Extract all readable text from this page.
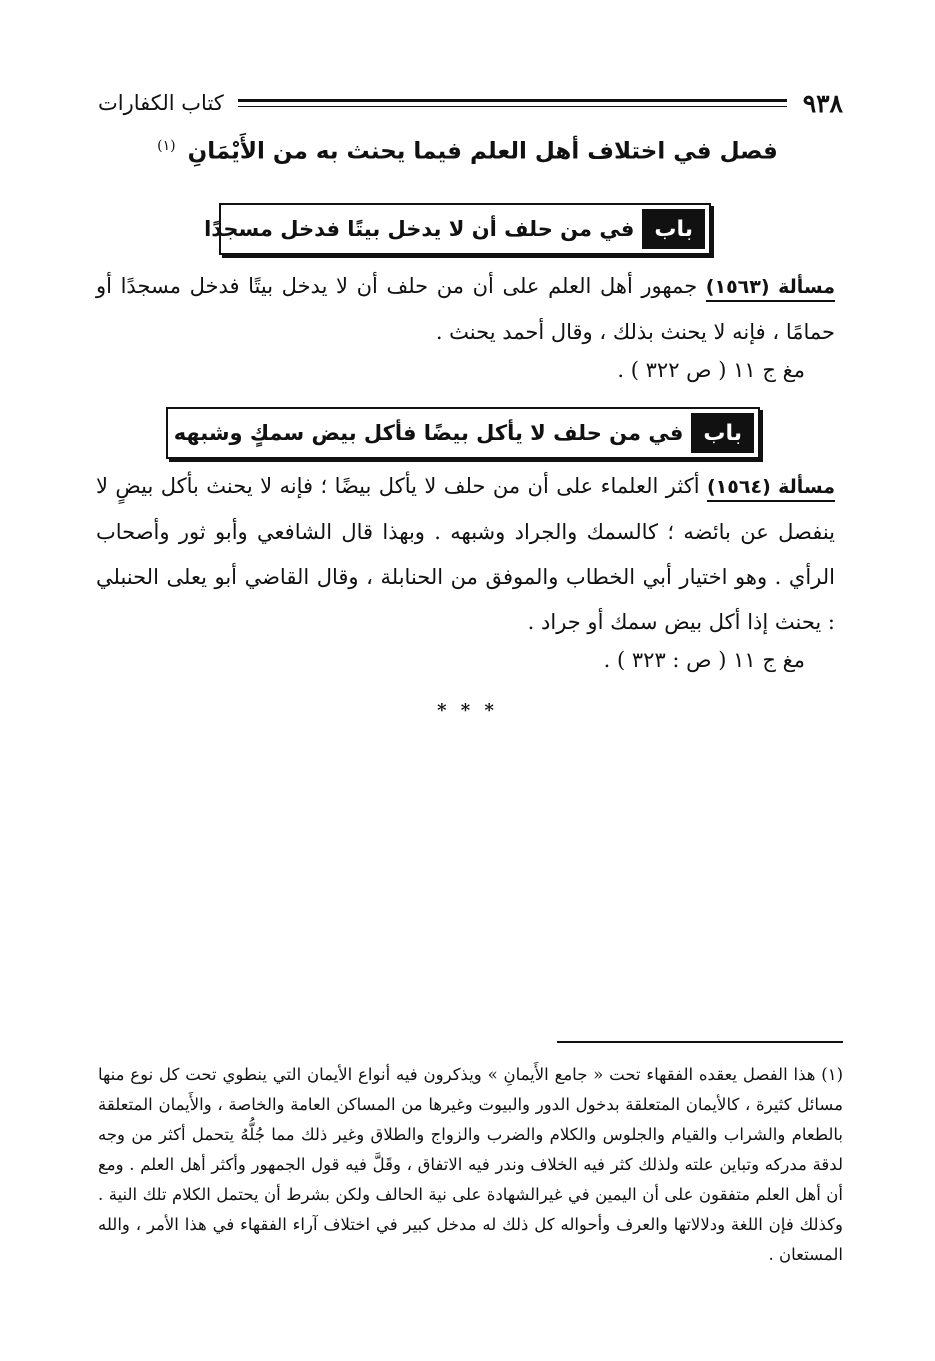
٩٣٨
كتاب الكفارات
فصل في اختلاف أهل العلم فيما يحنث به من الأَيْمَانِ $^{(١)}$
باب
في من حلف أن لا يدخل بيتًا فدخل مسجدًا
مسألة (١٥٦٣) جمهور أهل العلم على أن من حلف أن لا يدخل بيتًا فدخل مسجدًا أو حمامًا ، فإنه لا يحنث بذلك ، وقال أحمد يحنث .
مغ ج ١١ ( ص ٣٢٢ ) .
باب
في من حلف لا يأكل بيضًا فأكل بيض سمكٍ وشبهه
مسألة (١٥٦٤) أكثر العلماء على أن من حلف لا يأكل بيضًا ؛ فإنه لا يحنث بأكل بيضٍ لا ينفصل عن بائضه ؛ كالسمك والجراد وشبهه . وبهذا قال الشافعي وأبو ثور وأصحاب الرأي . وهو اختيار أبي الخطاب والموفق من الحنابلة ، وقال القاضي أبو يعلى الحنبلي : يحنث إذا أكل بيض سمك أو جراد .
مغ ج ١١ ( ص : ٣٢٣ ) .
* * *
(١) هذا الفصل يعقده الفقهاء تحت « جامع الأَيمانِ » ويذكرون فيه أنواع الأيمان التي ينطوي تحت كل نوع منها مسائل كثيرة ، كالأيمان المتعلقة بدخول الدور والبيوت وغيرها من المساكن العامة والخاصة ، والأَيمان المتعلقة بالطعام والشراب والقيام والجلوس والكلام والضرب والزواج والطلاق وغير ذلك مما جُلُّهُ يتحمل أكثر من وجه لدقة مدركه وتباين علته ولذلك كثر فيه الخلاف وندر فيه الاتفاق ، وقَلَّ فيه قول الجمهور وأكثر أهل العلم . ومع أن أهل العلم متفقون على أن اليمين في غيرالشهادة على نية الحالف ولكن بشرط أن يحتمل الكلام تلك النية . وكذلك فإن اللغة ودلالاتها والعرف وأحواله كل ذلك له مدخل كبير في اختلاف آراء الفقهاء في هذا الأمر ، والله المستعان .
